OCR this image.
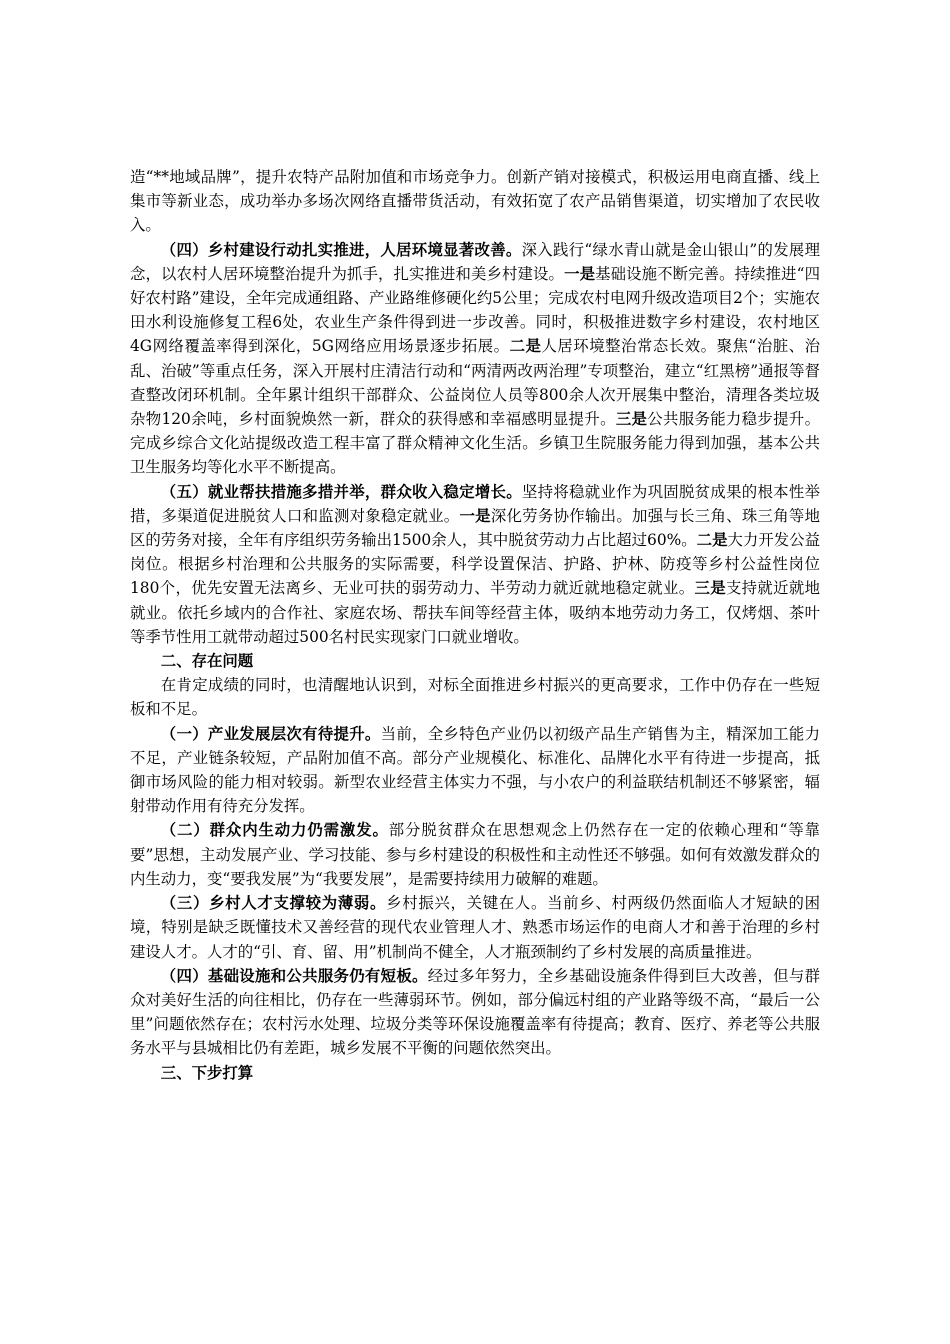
造“**地域品牌”，提升农特产品附加值和市场竞争力。创新产销对接模式，积极运用电商直播、线上集市等新业态，成功举办多场次网络直播带货活动，有效拓宽了农产品销售渠道，切实增加了农民收入。

（四）乡村建设行动扎实推进，人居环境显著改善。深入践行“绿水青山就是金山银山”的发展理念，以农村人居环境整治提升为抓手，扎实推进和美乡村建设。一是基础设施不断完善。持续推进“四好农村路”建设，全年完成通组路、产业路维修硬化约5公里；完成农村电网升级改造项目2个；实施农田水利设施修复工程6处，农业生产条件得到进一步改善。同时，积极推进数字乡村建设，农村地区4G网络覆盖率得到深化，5G网络应用场景逐步拓展。二是人居环境整治常态长效。聚焦“治脏、治乱、治破”等重点任务，深入开展村庄清洁行动和“两清两改两治理”专项整治，建立“红黑榜”通报等督查整改闭环机制。全年累计组织干部群众、公益岗位人员等800余人次开展集中整治，清理各类垃圾杂物120余吨，乡村面貌焕然一新，群众的获得感和幸福感明显提升。三是公共服务能力稳步提升。完成乡综合文化站提级改造工程丰富了群众精神文化生活。乡镇卫生院服务能力得到加强，基本公共卫生服务均等化水平不断提高。

（五）就业帮扶措施多措并举，群众收入稳定增长。坚持将稳就业作为巩固脱贫成果的根本性举措，多渠道促进脱贫人口和监测对象稳定就业。一是深化劳务协作输出。加强与长三角、珠三角等地区的劳务对接，全年有序组织劳务输出1500余人，其中脱贫劳动力占比超过60%。二是大力开发公益岗位。根据乡村治理和公共服务的实际需要，科学设置保洁、护路、护林、防疫等乡村公益性岗位180个，优先安置无法离乡、无业可扶的弱劳动力、半劳动力就近就地稳定就业。三是支持就近就地就业。依托乡域内的合作社、家庭农场、帮扶车间等经营主体，吸纳本地劳动力务工，仅烤烟、茶叶等季节性用工就带动超过500名村民实现家门口就业增收。

二、存在问题

在肯定成绩的同时，也清醒地认识到，对标全面推进乡村振兴的更高要求，工作中仍存在一些短板和不足。

（一）产业发展层次有待提升。当前，全乡特色产业仍以初级产品生产销售为主，精深加工能力不足，产业链条较短，产品附加值不高。部分产业规模化、标准化、品牌化水平有待进一步提高，抵御市场风险的能力相对较弱。新型农业经营主体实力不强，与小农户的利益联结机制还不够紧密，辐射带动作用有待充分发挥。

（二）群众内生动力仍需激发。部分脱贫群众在思想观念上仍然存在一定的依赖心理和“等靠要”思想，主动发展产业、学习技能、参与乡村建设的积极性和主动性还不够强。如何有效激发群众的内生动力，变“要我发展”为“我要发展”，是需要持续用力破解的难题。

（三）乡村人才支撑较为薄弱。乡村振兴，关键在人。当前乡、村两级仍然面临人才短缺的困境，特别是缺乏既懂技术又善经营的现代农业管理人才、熟悉市场运作的电商人才和善于治理的乡村建设人才。人才的“引、育、留、用”机制尚不健全，人才瓶颈制约了乡村发展的高质量推进。

（四）基础设施和公共服务仍有短板。经过多年努力，全乡基础设施条件得到巨大改善，但与群众对美好生活的向往相比，仍存在一些薄弱环节。例如，部分偏远村组的产业路等级不高，“最后一公里”问题依然存在；农村污水处理、垃圾分类等环保设施覆盖率有待提高；教育、医疗、养老等公共服务水平与县城相比仍有差距，城乡发展不平衡的问题依然突出。

三、下步打算
